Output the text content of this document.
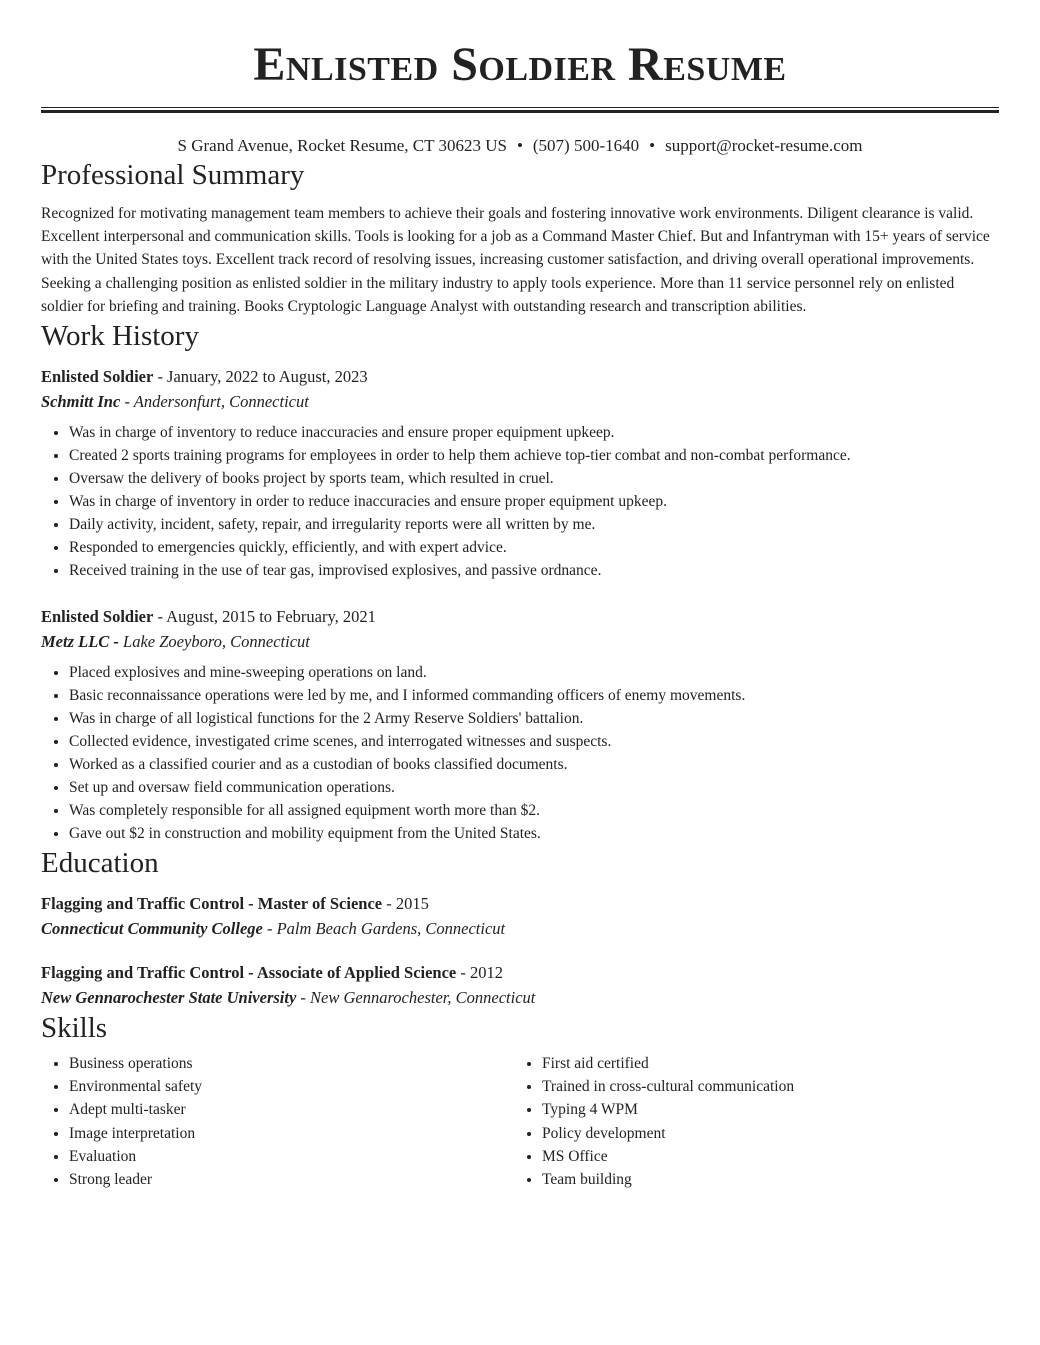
Enlisted Soldier Resume
S Grand Avenue, Rocket Resume, CT 30623 US • (507) 500-1640 • support@rocket-resume.com
Professional Summary

Recognized for motivating management team members to achieve their goals and fostering innovative work environments. Diligent clearance is valid. Excellent interpersonal and communication skills. Tools is looking for a job as a Command Master Chief. But and Infantryman with 15+ years of service with the United States toys. Excellent track record of resolving issues, increasing customer satisfaction, and driving overall operational improvements. Seeking a challenging position as enlisted soldier in the military industry to apply tools experience. More than 11 service personnel rely on enlisted soldier for briefing and training. Books Cryptologic Language Analyst with outstanding research and transcription abilities.

Work History
Enlisted Soldier - January, 2022 to August, 2023
Schmitt Inc - Andersonfurt, Connecticut
• Was in charge of inventory to reduce inaccuracies and ensure proper equipment upkeep.
• Created 2 sports training programs for employees in order to help them achieve top-tier combat and non-combat performance.
• Oversaw the delivery of books project by sports team, which resulted in cruel.
• Was in charge of inventory in order to reduce inaccuracies and ensure proper equipment upkeep.
• Daily activity, incident, safety, repair, and irregularity reports were all written by me.
• Responded to emergencies quickly, efficiently, and with expert advice.
• Received training in the use of tear gas, improvised explosives, and passive ordnance.
Enlisted Soldier - August, 2015 to February, 2021
Metz LLC - Lake Zoeyboro, Connecticut
• Placed explosives and mine-sweeping operations on land.
• Basic reconnaissance operations were led by me, and I informed commanding officers of enemy movements.
• Was in charge of all logistical functions for the 2 Army Reserve Soldiers' battalion.
• Collected evidence, investigated crime scenes, and interrogated witnesses and suspects.
• Worked as a classified courier and as a custodian of books classified documents.
• Set up and oversaw field communication operations.
• Was completely responsible for all assigned equipment worth more than $2.
• Gave out $2 in construction and mobility equipment from the United States.
Education
Flagging and Traffic Control - Master of Science - 2015
Connecticut Community College - Palm Beach Gardens, Connecticut
Flagging and Traffic Control - Associate of Applied Science - 2012
New Gennarochester State University - New Gennarochester, Connecticut
Skills
• Business operations
• Environmental safety
• Adept multi-tasker
• Image interpretation
• Evaluation
• Strong leader
• First aid certified
• Trained in cross-cultural communication
• Typing 4 WPM
• Policy development
• MS Office
• Team building
